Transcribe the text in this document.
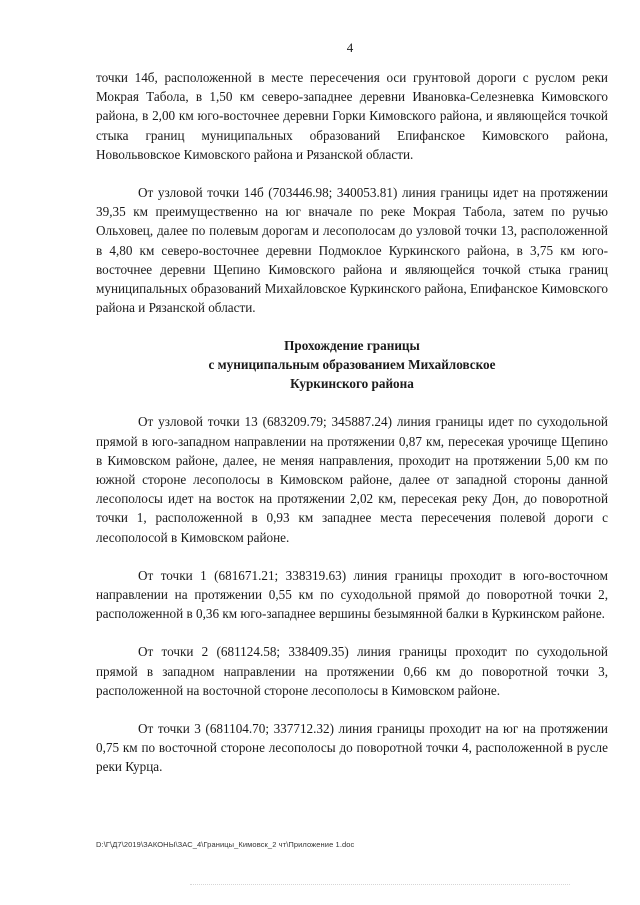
4

точки 14б, расположенной в месте пересечения оси грунтовой дороги с руслом реки Мокрая Табола, в 1,50 км северо-западнее деревни Ивановка-Селезневка Кимовского района, в 2,00 км юго-восточнее деревни Горки Кимовского района, и являющейся точкой стыка границ муниципальных образований Епифанское Кимовского района, Новольвовское Кимовского района и Рязанской области.

От узловой точки 14б (703446.98; 340053.81) линия границы идет на протяжении 39,35 км преимущественно на юг вначале по реке Мокрая Табола, затем по ручью Ольховец, далее по полевым дорогам и лесополосам до узловой точки 13, расположенной в 4,80 км северо-восточнее деревни Подмоклое Куркинского района, в 3,75 км юго-восточнее деревни Щепино Кимовского района и являющейся точкой стыка границ муниципальных образований Михайловское Куркинского района, Епифанское Кимовского района и Рязанской области.

Прохождение границы

с муниципальным образованием Михайловское

Куркинского района

От узловой точки 13 (683209.79; 345887.24) линия границы идет по суходольной прямой в юго-западном направлении на протяжении 0,87 км, пересекая урочище Щепино в Кимовском районе, далее, не меняя направления, проходит на протяжении 5,00 км по южной стороне лесополосы в Кимовском районе, далее от западной стороны данной лесополосы идет на восток на протяжении 2,02 км, пересекая реку Дон, до поворотной точки 1, расположенной в 0,93 км западнее места пересечения полевой дороги с лесополосой в Кимовском районе.

От точки 1 (681671.21; 338319.63) линия границы проходит в юго-восточном направлении на протяжении 0,55 км по суходольной прямой до поворотной точки 2, расположенной в 0,36 км юго-западнее вершины безымянной балки в Куркинском районе.

От точки 2 (681124.58; 338409.35) линия границы проходит по суходольной прямой в западном направлении на протяжении 0,66 км до поворотной точки 3, расположенной на восточной стороне лесополосы в Кимовском районе.

От точки 3 (681104.70; 337712.32) линия границы проходит на юг на протяжении 0,75 км по восточной стороне лесополосы до поворотной точки 4, расположенной в русле реки Курца.

D:\Г\Д7\2019\ЗАКОНЫ\ЗАС_4\Границы_Кимовск_2 чт\Приложение 1.doc
